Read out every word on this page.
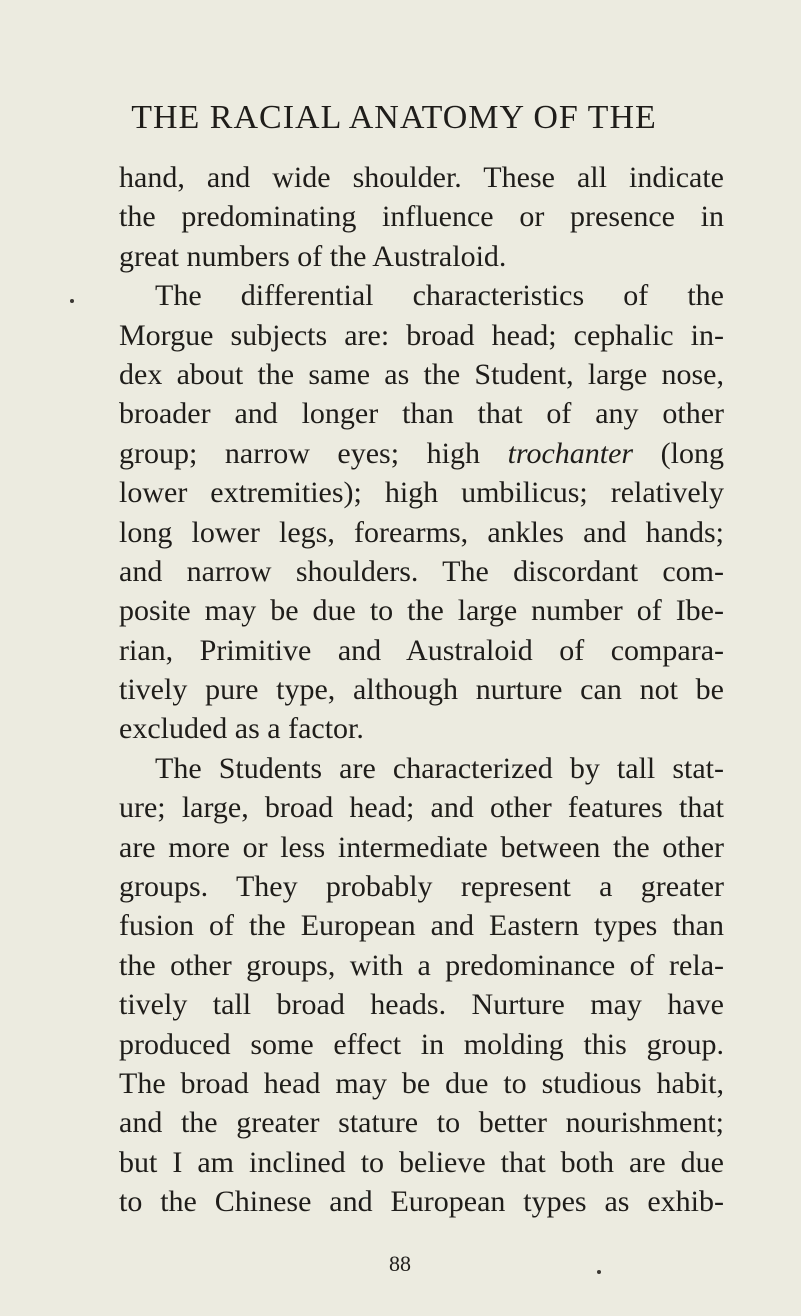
THE RACIAL ANATOMY OF THE
hand, and wide shoulder. These all indicate
the predominating influence or presence in
great numbers of the Australoid.
The differential characteristics of the
Morgue subjects are: broad head; cephalic in-
dex about the same as the Student, large nose,
broader and longer than that of any other
group; narrow eyes; high trochanter (long
lower extremities); high umbilicus; relatively
long lower legs, forearms, ankles and hands;
and narrow shoulders. The discordant com-
posite may be due to the large number of Ibe-
rian, Primitive and Australoid of compara-
tively pure type, although nurture can not be
excluded as a factor.
The Students are characterized by tall stat-
ure; large, broad head; and other features that
are more or less intermediate between the other
groups. They probably represent a greater
fusion of the European and Eastern types than
the other groups, with a predominance of rela-
tively tall broad heads. Nurture may have
produced some effect in molding this group.
The broad head may be due to studious habit,
and the greater stature to better nourishment;
but I am inclined to believe that both are due
to the Chinese and European types as exhib-
88
